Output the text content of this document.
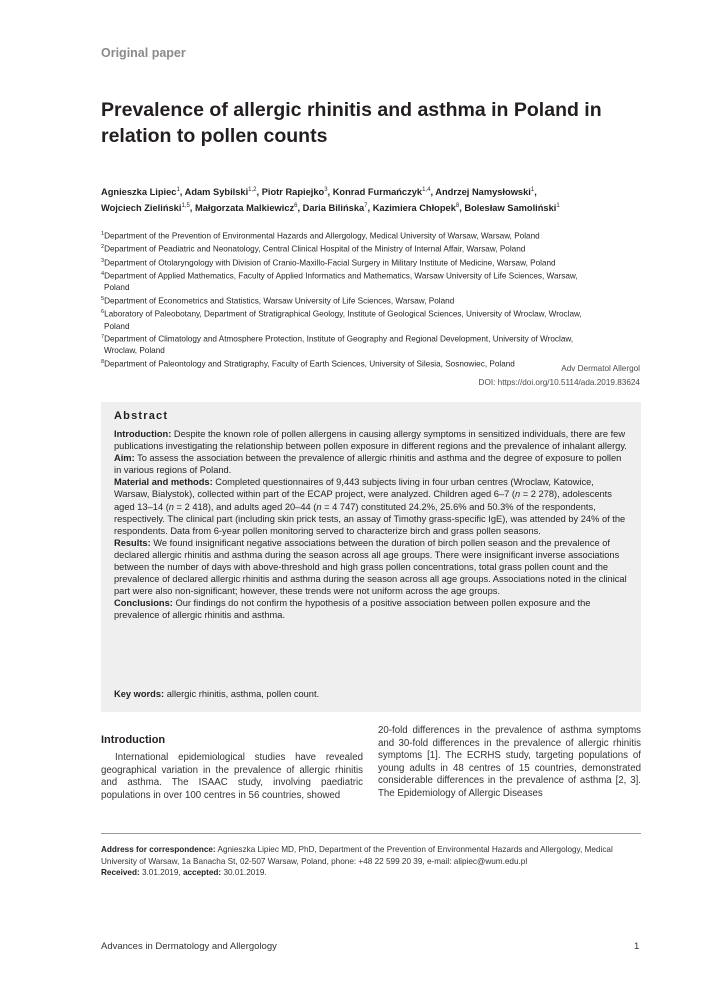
Original paper
Prevalence of allergic rhinitis and asthma in Poland in relation to pollen counts
Agnieszka Lipiec$^1$, Adam Sybilski$^{1,2}$, Piotr Rapiejko$^3$, Konrad Furmańczyk$^{1,4}$, Andrzej Namysłowski$^1$,
Wojciech Zieliński$^{1,5}$, Małgorzata Malkiewicz$^6$, Daria Bilińska$^7$, Kazimiera Chłopek$^8$, Bolesław Samoliński$^1$

$^1$Department of the Prevention of Environmental Hazards and Allergology, Medical University of Warsaw, Warsaw, Poland

$^2$Department of Peadiatric and Neonatology, Central Clinical Hospital of the Ministry of Internal Affair, Warsaw, Poland

$^3$Department of Otolaryngology with Division of Cranio-Maxillo-Facial Surgery in Military Institute of Medicine, Warsaw, Poland

$^4$Department of Applied Mathematics, Faculty of Applied Informatics and Mathematics, Warsaw University of Life Sciences, Warsaw,
Poland

$^5$Department of Econometrics and Statistics, Warsaw University of Life Sciences, Warsaw, Poland

$^6$Laboratory of Paleobotany, Department of Stratigraphical Geology, Institute of Geological Sciences, University of Wroclaw, Wroclaw,
Poland

$^7$Department of Climatology and Atmosphere Protection, Institute of Geography and Regional Development, University of Wroclaw,
Wroclaw, Poland

$^8$Department of Paleontology and Stratigraphy, Faculty of Earth Sciences, University of Silesia, Sosnowiec, Poland	Adv Dermatol Allergol
DOI: https://doi.org/10.5114/ada.2019.83624
Abstract

Introduction: Despite the known role of pollen allergens in causing allergy symptoms in sensitized individuals, there are few publications investigating the relationship between pollen exposure in different regions and the prevalence of inhalant allergy.

Aim: To assess the association between the prevalence of allergic rhinitis and asthma and the degree of exposure to pollen in various regions of Poland.

Material and methods: Completed questionnaires of 9,443 subjects living in four urban centres (Wroclaw, Katowice, Warsaw, Bialystok), collected within part of the ECAP project, were analyzed. Children aged 6–7 (n = 2 278), adolescents aged 13–14 (n = 2 418), and adults aged 20–44 (n = 4 747) constituted 24.2%, 25.6% and 50.3% of the respondents, respectively. The clinical part (including skin prick tests, an assay of Timothy grass-specific IgE), was attended by 24% of the respondents. Data from 6-year pollen monitoring served to characterize birch and grass pollen seasons.

Results: We found insignificant negative associations between the duration of birch pollen season and the prevalence of declared allergic rhinitis and asthma during the season across all age groups. There were insignificant inverse associations between the number of days with above-threshold and high grass pollen concentrations, total grass pollen count and the prevalence of declared allergic rhinitis and asthma during the season across all age groups. Associations noted in the clinical part were also non-significant; however, these trends were not uniform across the age groups.

Conclusions: Our findings do not confirm the hypothesis of a positive association between pollen exposure and the prevalence of allergic rhinitis and asthma.

Key words: allergic rhinitis, asthma, pollen count.
Introduction
International epidemiological studies have revealed geographical variation in the prevalence of allergic rhinitis and asthma. The ISAAC study, involving paediatric populations in over 100 centres in 56 countries, showed
20-fold differences in the prevalence of asthma symptoms and 30-fold differences in the prevalence of allergic rhinitis symptoms [1]. The ECRHS study, targeting populations of young adults in 48 centres of 15 countries, demonstrated considerable differences in the prevalence of asthma [2, 3]. The Epidemiology of Allergic Diseases
Address for correspondence: Agnieszka Lipiec MD, PhD, Department of the Prevention of Environmental Hazards and Allergology, Medical University of Warsaw, 1a Banacha St, 02-507 Warsaw, Poland, phone: +48 22 599 20 39, e-mail: alipiec@wum.edu.pl
Received: 3.01.2019, accepted: 30.01.2019.
Advances in Dermatology and Allergology	1
